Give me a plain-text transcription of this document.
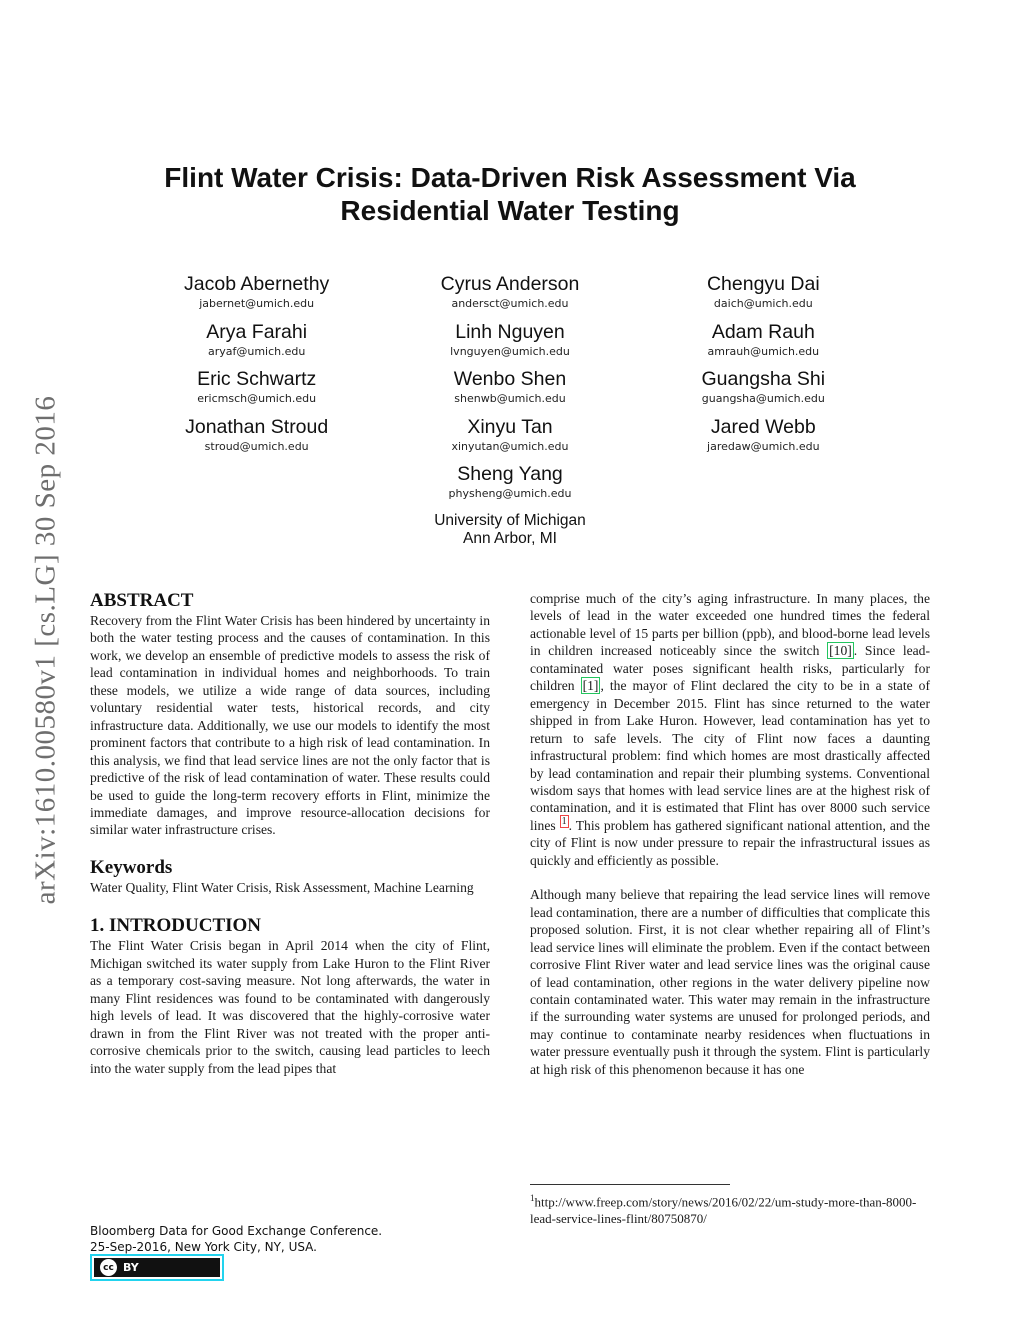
arXiv:1610.00580v1 [cs.LG] 30 Sep 2016
Flint Water Crisis: Data-Driven Risk Assessment Via
Residential Water Testing
Jacob Abernethy
jabernet@umich.edu
Cyrus Anderson
andersct@umich.edu
Chengyu Dai
daich@umich.edu
Arya Farahi
aryaf@umich.edu
Linh Nguyen
lvnguyen@umich.edu
Adam Rauh
amrauh@umich.edu
Eric Schwartz
ericmsch@umich.edu
Wenbo Shen
shenwb@umich.edu
Guangsha Shi
guangsha@umich.edu
Jonathan Stroud
stroud@umich.edu
Xinyu Tan
xinyutan@umich.edu
Jared Webb
jaredaw@umich.edu
Sheng Yang
physheng@umich.edu
University of Michigan
Ann Arbor, MI
ABSTRACT

Recovery from the Flint Water Crisis has been hindered by uncertainty in both the water testing process and the causes of contamination. In this work, we develop an ensemble of predictive models to assess the risk of lead contamination in individual homes and neighborhoods. To train these models, we utilize a wide range of data sources, including voluntary residential water tests, historical records, and city infrastructure data. Additionally, we use our models to identify the most prominent factors that contribute to a high risk of lead contamination. In this analysis, we find that lead service lines are not the only factor that is predictive of the risk of lead contamination of water. These results could be used to guide the long-term recovery efforts in Flint, minimize the immediate damages, and improve resource-allocation decisions for similar water infrastructure crises.

Keywords

Water Quality, Flint Water Crisis, Risk Assessment, Machine Learning

1. INTRODUCTION

The Flint Water Crisis began in April 2014 when the city of Flint, Michigan switched its water supply from Lake Huron to the Flint River as a temporary cost-saving measure. Not long afterwards, the water in many Flint residences was found to be contaminated with dangerously high levels of lead. It was discovered that the highly-corrosive water drawn in from the Flint River was not treated with the proper anti-corrosive chemicals prior to the switch, causing lead particles to leech into the water supply from the lead pipes that

comprise much of the city’s aging infrastructure. In many places, the levels of lead in the water exceeded one hundred times the federal actionable level of 15 parts per billion (ppb), and blood-borne lead levels in children increased noticeably since the switch [10] . Since lead-contaminated water poses significant health risks, particularly for children [1] , the mayor of Flint declared the city to be in a state of emergency in December 2015. Flint has since returned to the water shipped in from Lake Huron. However, lead contamination has yet to return to safe levels. The city of Flint now faces a daunting infrastructural problem: find which homes are most drastically affected by lead contamination and repair their plumbing systems. Conventional wisdom says that homes with lead service lines are at the highest risk of contamination, and it is estimated that Flint has over 8000 such service lines $^1$ . This problem has gathered significant national attention, and the city of Flint is now under pressure to repair the infrastructural issues as quickly and efficiently as possible.

Although many believe that repairing the lead service lines will remove lead contamination, there are a number of difficulties that complicate this proposed solution. First, it is not clear whether repairing all of Flint’s lead service lines will eliminate the problem. Even if the contact between corrosive Flint River water and lead service lines was the original cause of lead contamination, other regions in the water delivery pipeline now contain contaminated water. This water may remain in the infrastructure if the surrounding water systems are unused for prolonged periods, and may continue to contaminate nearby residences when fluctuations in water pressure eventually push it through the system. Flint is particularly at high risk of this phenomenon because it has one

$^1$http://www.freep.com/story/news/2016/02/22/um-study-more-than-8000-lead-service-lines-flint/80750870/
Bloomberg Data for Good Exchange Conference.
25-Sep-2016, New York City, NY, USA.
cc BY
